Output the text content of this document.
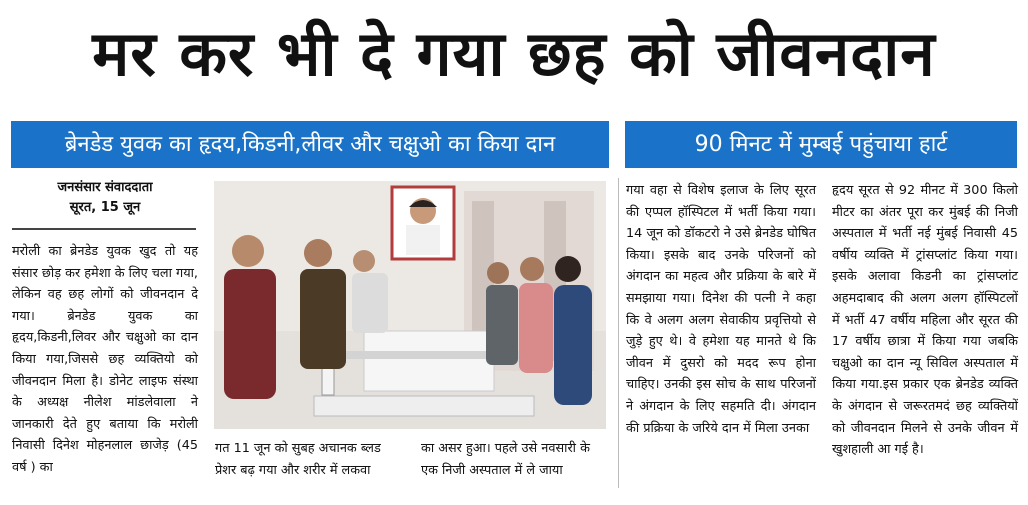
मर कर भी दे गया छह को जीवनदान
ब्रेनडेड युवक का हृदय,किडनी,लीवर और चक्षुओ का किया दान	90 मिनट में मुम्बई पहुंचाया हार्ट
जनसंसार संवाददाता
सूरत, 15 जून
मरोली का ब्रेनडेड युवक खुद तो यह संसार छोड़ कर हमेशा के लिए चला गया, लेकिन वह छह लोगों को जीवनदान दे गया। ब्रेनडेड युवक का हृदय,किडनी,लिवर और चक्षुओ का दान किया गया,जिससे छह व्यक्तियो को जीवनदान मिला है। डोनेट लाइफ संस्था के अध्यक्ष नीलेश मांडलेवाला ने जानकारी देते हुए बताया कि मरोली निवासी दिनेश मोहनलाल छाजेड़ (45 वर्ष ) का
गत 11 जून को सुबह अचानक ब्लड प्रेशर बढ़ गया और शरीर में लकवा
का असर हुआ। पहले उसे नवसारी के एक निजी अस्पताल में ले जाया
गया वहा से विशेष इलाज के लिए सूरत की एप्पल हॉस्पिटल में भर्ती किया गया। 14 जून को डॉकटरो ने उसे ब्रेनडेड घोषित किया। इसके बाद उनके परिजनों को अंगदान का महत्व और प्रक्रिया के बारे में समझाया गया। दिनेश की पत्नी ने कहा कि वे अलग अलग सेवाकीय प्रवृत्तियो से जुड़े हुए थे। वे हमेशा यह मानते थे कि जीवन में दुसरो को मदद रूप होना चाहिए। उनकी इस सोच के साथ परिजनों ने अंगदान के लिए सहमति दी। अंगदान की प्रक्रिया के जरिये दान में मिला उनका
हृदय सूरत से 92 मीनट में 300 किलो मीटर का अंतर पूरा कर मुंबई की निजी अस्पताल में भर्ती नई मुंबई निवासी 45 वर्षीय व्यक्ति में ट्रांसप्लांट किया गया। इसके अलावा किडनी का ट्रांसप्लांट अहमदाबाद की अलग अलग हॉस्पिटलों में भर्ती 47 वर्षीय महिला और सूरत की 17 वर्षीय छात्रा में किया गया जबकि चक्षुओ का दान न्यू सिविल अस्पताल में किया गया.इस प्रकार एक ब्रेनडेड व्यक्ति के अंगदान से जरूरतमदं छह व्यक्तियों को जीवनदान मिलने से उनके जीवन में खुशहाली आ गई है।
